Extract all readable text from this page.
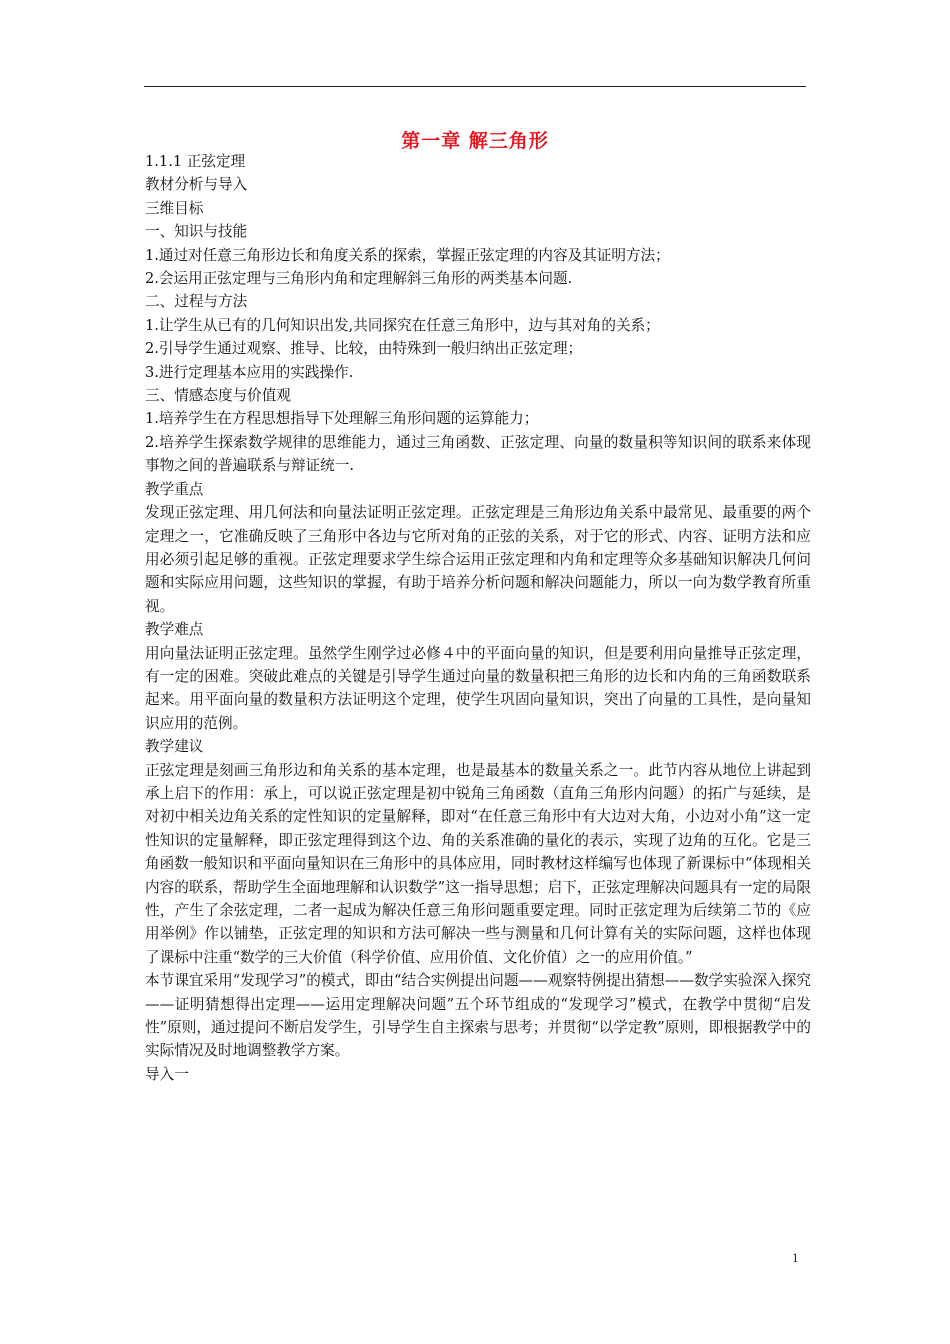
第一章 解三角形

1.1.1 正弦定理

教材分析与导入

三维目标

一、知识与技能

1.通过对任意三角形边长和角度关系的探索，掌握正弦定理的内容及其证明方法；

2.会运用正弦定理与三角形内角和定理解斜三角形的两类基本问题.

二、过程与方法

1.让学生从已有的几何知识出发,共同探究在任意三角形中，边与其对角的关系；

2.引导学生通过观察、推导、比较，由特殊到一般归纳出正弦定理；

3.进行定理基本应用的实践操作.

三、情感态度与价值观

1.培养学生在方程思想指导下处理解三角形问题的运算能力；

2.培养学生探索数学规律的思维能力，通过三角函数、正弦定理、向量的数量积等知识间的联系来体现事物之间的普遍联系与辩证统一.

教学重点

发现正弦定理、用几何法和向量法证明正弦定理。正弦定理是三角形边角关系中最常见、最重要的两个定理之一，它准确反映了三角形中各边与它所对角的正弦的关系，对于它的形式、内容、证明方法和应用必须引起足够的重视。正弦定理要求学生综合运用正弦定理和内角和定理等众多基础知识解决几何问题和实际应用问题，这些知识的掌握，有助于培养分析问题和解决问题能力，所以一向为数学教育所重视。

教学难点

用向量法证明正弦定理。虽然学生刚学过必修４中的平面向量的知识，但是要利用向量推导正弦定理，有一定的困难。突破此难点的关键是引导学生通过向量的数量积把三角形的边长和内角的三角函数联系起来。用平面向量的数量积方法证明这个定理，使学生巩固向量知识，突出了向量的工具性，是向量知识应用的范例。

教学建议

正弦定理是刻画三角形边和角关系的基本定理，也是最基本的数量关系之一。此节内容从地位上讲起到承上启下的作用：承上，可以说正弦定理是初中锐角三角函数（直角三角形内问题）的拓广与延续，是对初中相关边角关系的定性知识的定量解释，即对“在任意三角形中有大边对大角，小边对小角”这一定性知识的定量解释，即正弦定理得到这个边、角的关系准确的量化的表示，实现了边角的互化。它是三角函数一般知识和平面向量知识在三角形中的具体应用，同时教材这样编写也体现了新课标中“体现相关内容的联系，帮助学生全面地理解和认识数学”这一指导思想；启下，正弦定理解决问题具有一定的局限性，产生了余弦定理，二者一起成为解决任意三角形问题重要定理。同时正弦定理为后续第二节的《应用举例》作以铺垫，正弦定理的知识和方法可解决一些与测量和几何计算有关的实际问题，这样也体现了课标中注重“数学的三大价值（科学价值、应用价值、文化价值）之一的应用价值。”

本节课宜采用“发现学习”的模式，即由“结合实例提出问题——观察特例提出猜想——数学实验深入探究——证明猜想得出定理——运用定理解决问题”五个环节组成的“发现学习”模式，在教学中贯彻“启发性”原则，通过提问不断启发学生，引导学生自主探索与思考；并贯彻“以学定教”原则，即根据教学中的实际情况及时地调整教学方案。

导入一

1
